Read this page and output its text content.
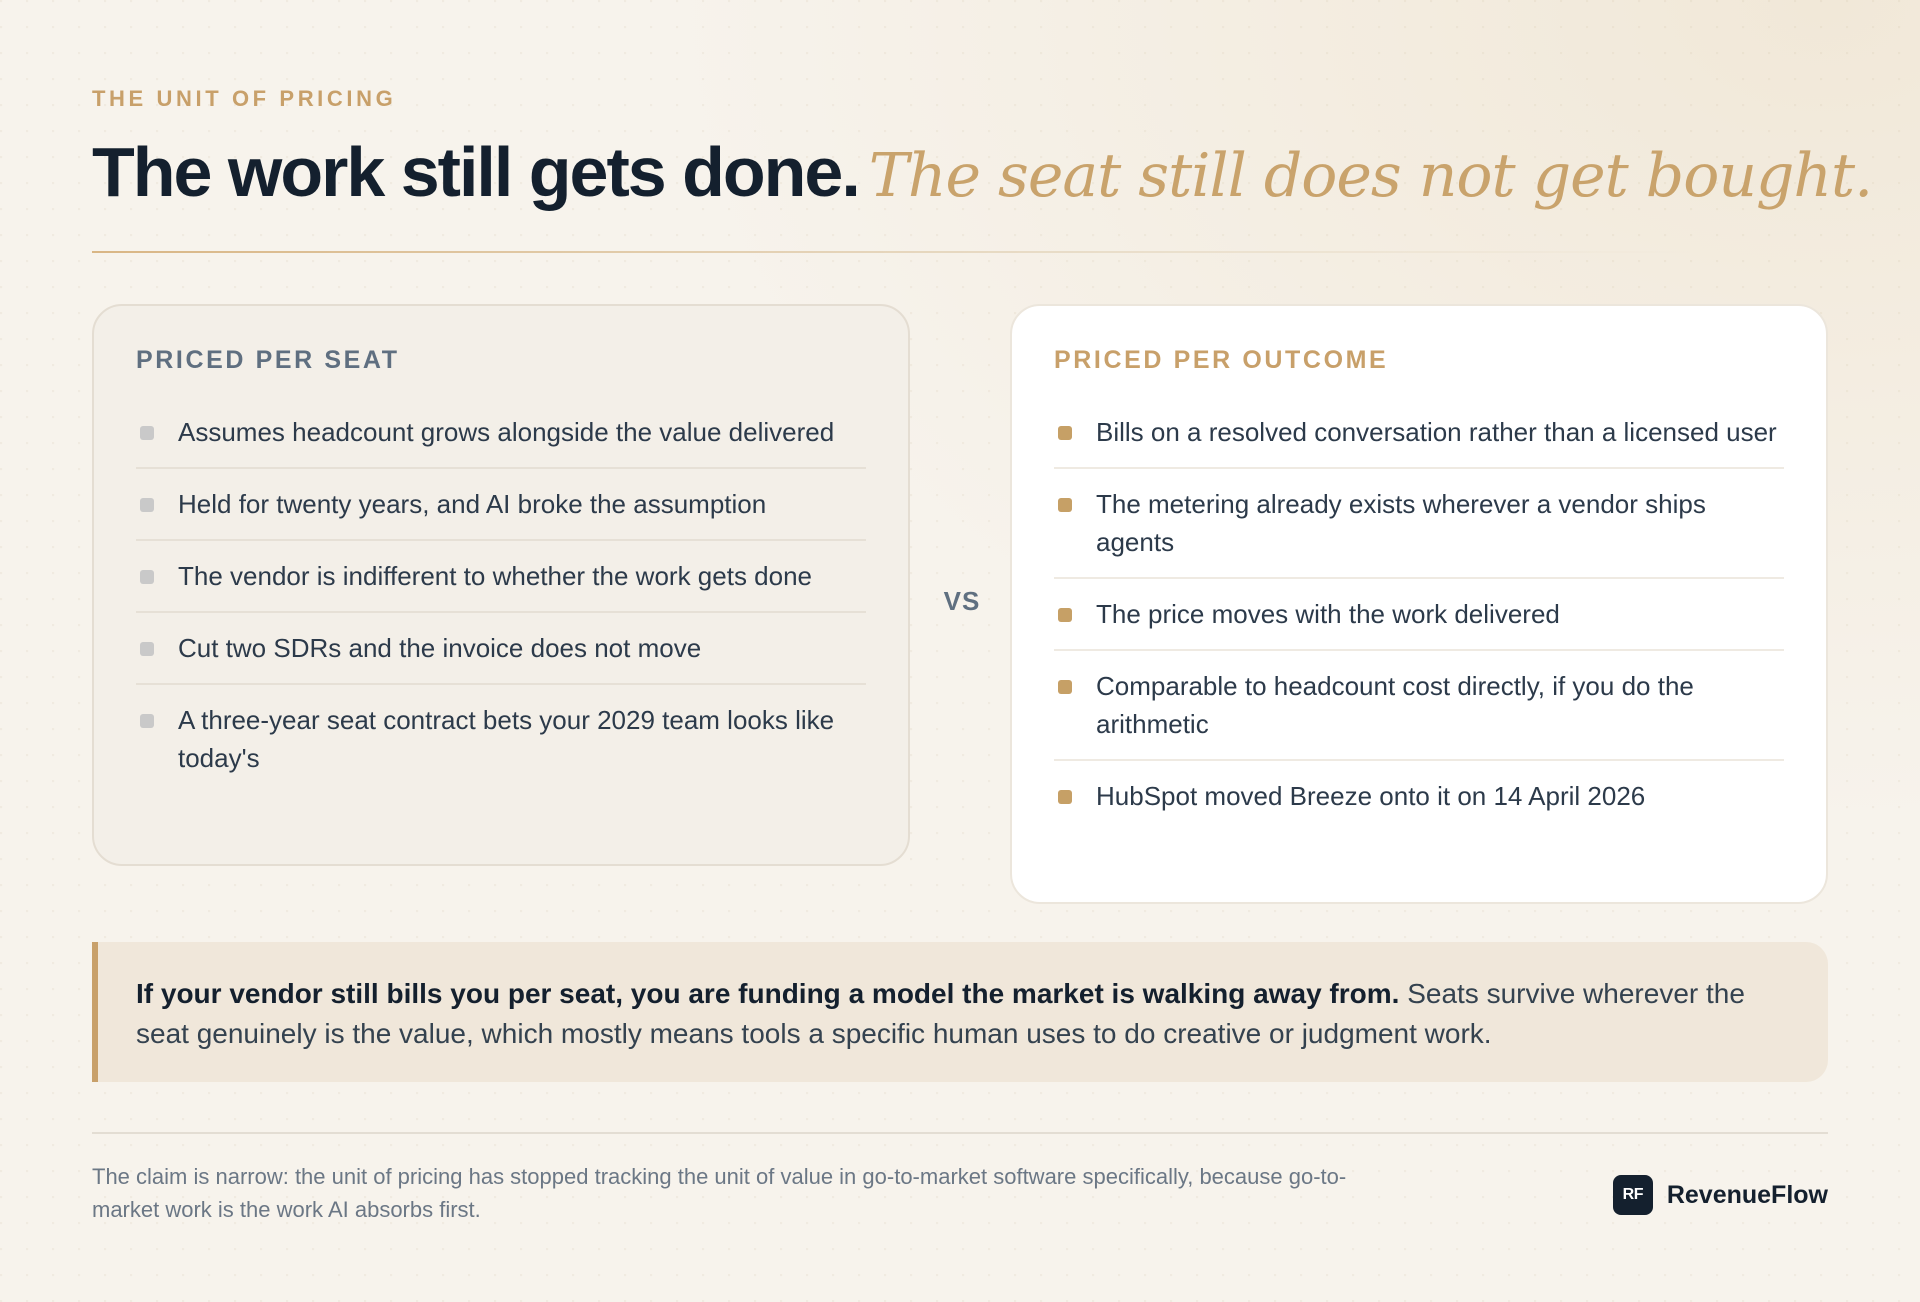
THE UNIT OF PRICING
The work still gets done. The seat still does not get bought.
PRICED PER SEAT
Assumes headcount grows alongside the value delivered
Held for twenty years, and AI broke the assumption
The vendor is indifferent to whether the work gets done
Cut two SDRs and the invoice does not move
A three-year seat contract bets your 2029 team looks like today's
VS
PRICED PER OUTCOME
Bills on a resolved conversation rather than a licensed user
The metering already exists wherever a vendor ships agents
The price moves with the work delivered
Comparable to headcount cost directly, if you do the arithmetic
HubSpot moved Breeze onto it on 14 April 2026
If your vendor still bills you per seat, you are funding a model the market is walking away from. Seats survive wherever the seat genuinely is the value, which mostly means tools a specific human uses to do creative or judgment work.
The claim is narrow: the unit of pricing has stopped tracking the unit of value in go-to-market software specifically, because go-to-market work is the work AI absorbs first.
RF RevenueFlow
